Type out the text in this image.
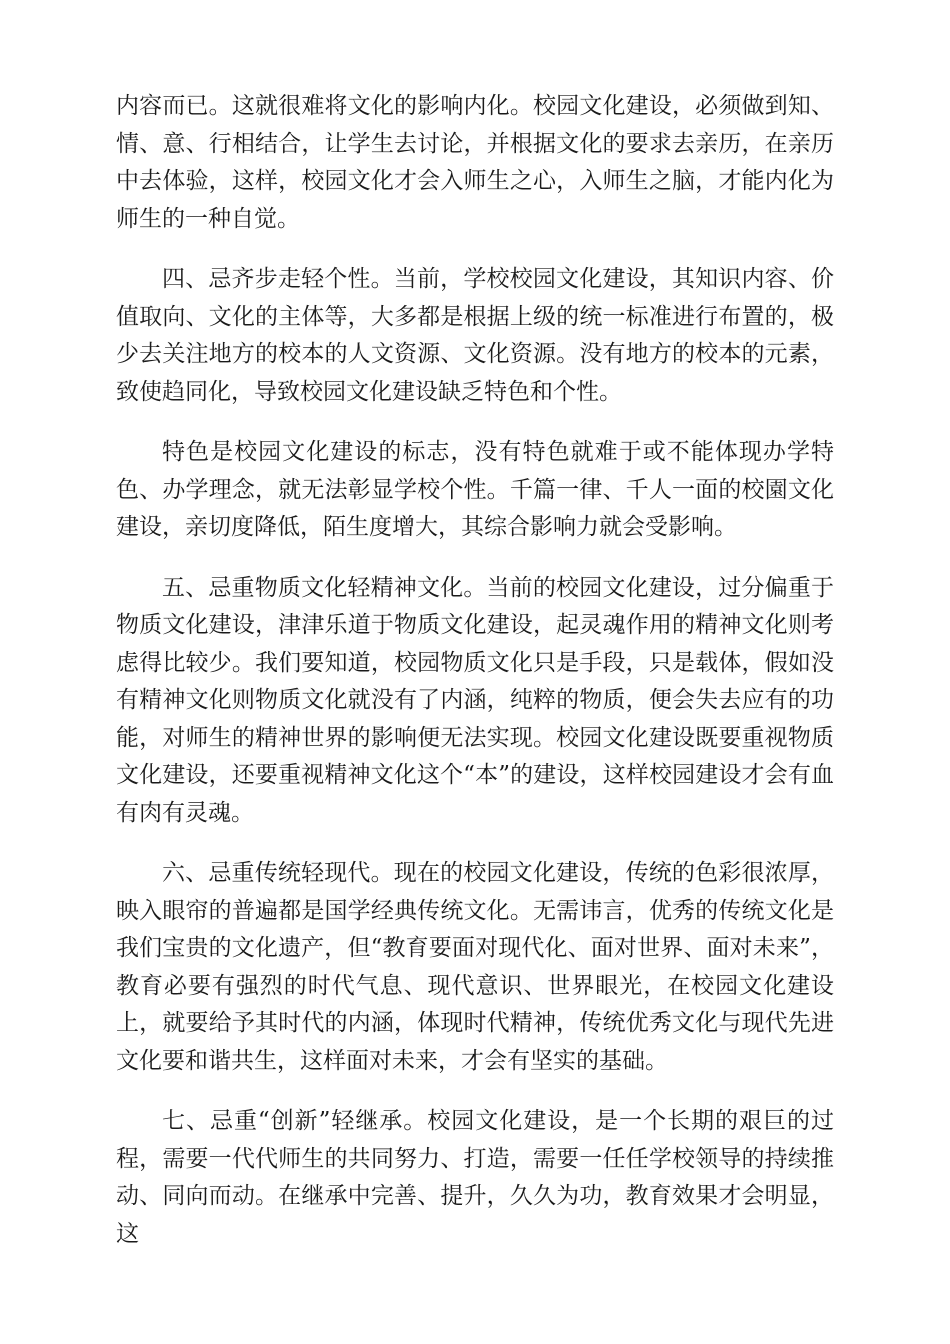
内容而已。这就很难将文化的影响内化。校园文化建设，必须做到知、情、意、行相结合，让学生去讨论，并根据文化的要求去亲历，在亲历中去体验，这样，校园文化才会入师生之心，入师生之脑，才能内化为师生的一种自觉。

四、忌齐步走轻个性。当前，学校校园文化建设，其知识内容、价值取向、文化的主体等，大多都是根据上级的统一标准进行布置的，极少去关注地方的校本的人文资源、文化资源。没有地方的校本的元素，致使趋同化，导致校园文化建设缺乏特色和个性。

特色是校园文化建设的标志，没有特色就难于或不能体现办学特色、办学理念，就无法彰显学校个性。千篇一律、千人一面的校園文化建设，亲切度降低，陌生度增大，其综合影响力就会受影响。

五、忌重物质文化轻精神文化。当前的校园文化建设，过分偏重于物质文化建设，津津乐道于物质文化建设，起灵魂作用的精神文化则考虑得比较少。我们要知道，校园物质文化只是手段，只是载体，假如没有精神文化则物质文化就没有了内涵，纯粹的物质，便会失去应有的功能，对师生的精神世界的影响便无法实现。校园文化建设既要重视物质文化建设，还要重视精神文化这个“本”的建设，这样校园建设才会有血有肉有灵魂。

六、忌重传统轻现代。现在的校园文化建设，传统的色彩很浓厚，映入眼帘的普遍都是国学经典传统文化。无需讳言，优秀的传统文化是我们宝贵的文化遗产，但“教育要面对现代化、面对世界、面对未来”，教育必要有强烈的时代气息、现代意识、世界眼光，在校园文化建设上，就要给予其时代的内涵，体现时代精神，传统优秀文化与现代先进文化要和谐共生，这样面对未来，才会有坚实的基础。

七、忌重“创新”轻继承。校园文化建设，是一个长期的艰巨的过程，需要一代代师生的共同努力、打造，需要一任任学校领导的持续推动、同向而动。在继承中完善、提升，久久为功，教育效果才会明显，这
